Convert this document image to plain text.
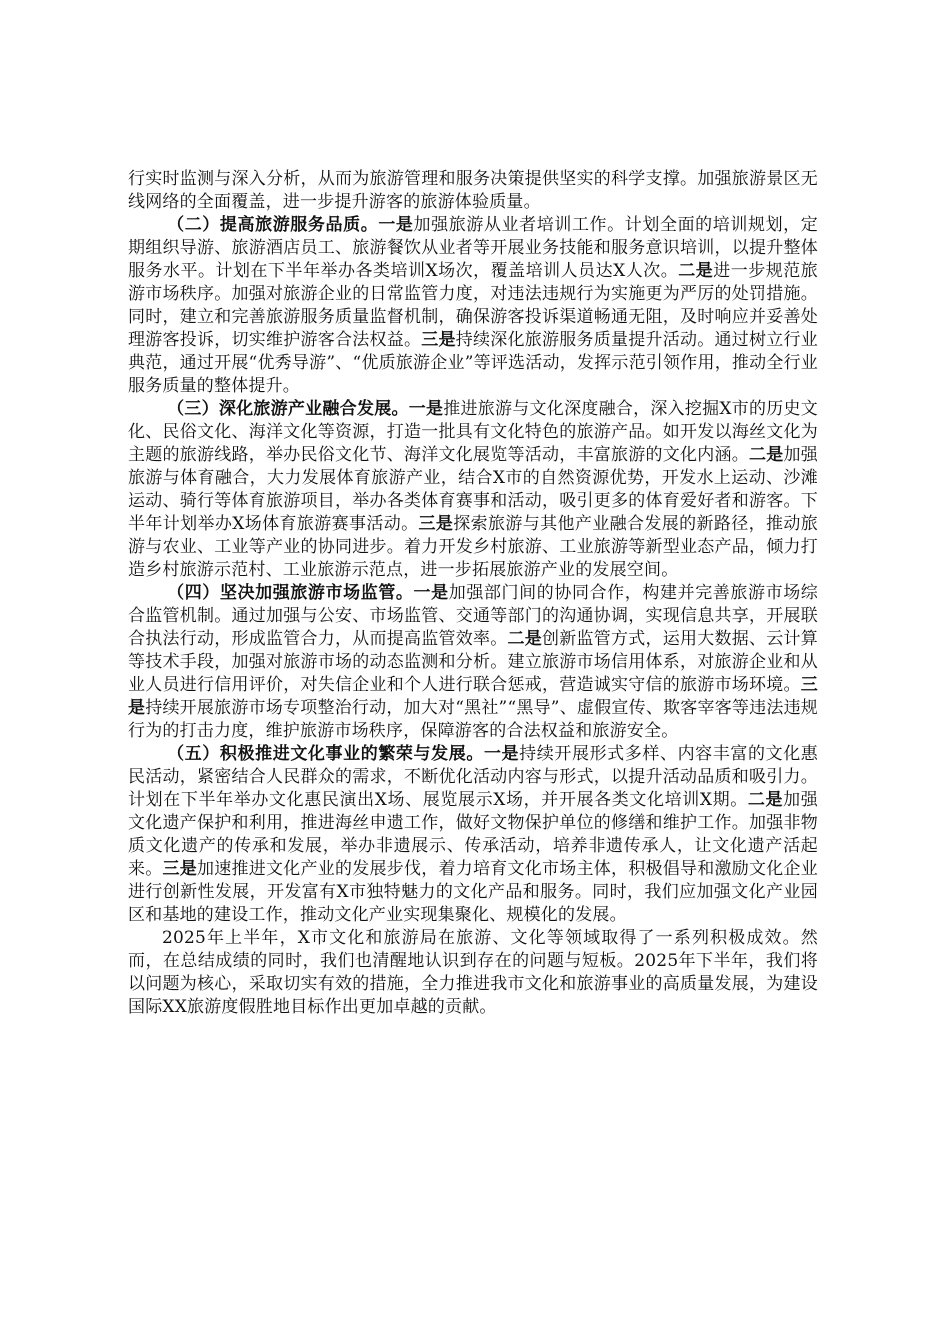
行实时监测与深入分析，从而为旅游管理和服务决策提供坚实的科学支撑。加强旅游景区无线网络的全面覆盖，进一步提升游客的旅游体验质量。

（二）提高旅游服务品质。一是加强旅游从业者培训工作。计划全面的培训规划，定期组织导游、旅游酒店员工、旅游餐饮从业者等开展业务技能和服务意识培训，以提升整体服务水平。计划在下半年举办各类培训X场次，覆盖培训人员达X人次。二是进一步规范旅游市场秩序。加强对旅游企业的日常监管力度，对违法违规行为实施更为严厉的处罚措施。同时，建立和完善旅游服务质量监督机制，确保游客投诉渠道畅通无阻，及时响应并妥善处理游客投诉，切实维护游客合法权益。三是持续深化旅游服务质量提升活动。通过树立行业典范，通过开展“优秀导游”、“优质旅游企业”等评选活动，发挥示范引领作用，推动全行业服务质量的整体提升。

（三）深化旅游产业融合发展。一是推进旅游与文化深度融合，深入挖掘X市的历史文化、民俗文化、海洋文化等资源，打造一批具有文化特色的旅游产品。如开发以海丝文化为主题的旅游线路，举办民俗文化节、海洋文化展览等活动，丰富旅游的文化内涵。二是加强旅游与体育融合，大力发展体育旅游产业，结合X市的自然资源优势，开发水上运动、沙滩运动、骑行等体育旅游项目，举办各类体育赛事和活动，吸引更多的体育爱好者和游客。下半年计划举办X场体育旅游赛事活动。三是探索旅游与其他产业融合发展的新路径，推动旅游与农业、工业等产业的协同进步。着力开发乡村旅游、工业旅游等新型业态产品，倾力打造乡村旅游示范村、工业旅游示范点，进一步拓展旅游产业的发展空间。

（四）坚决加强旅游市场监管。一是加强部门间的协同合作，构建并完善旅游市场综合监管机制。通过加强与公安、市场监管、交通等部门的沟通协调，实现信息共享，开展联合执法行动，形成监管合力，从而提高监管效率。二是创新监管方式，运用大数据、云计算等技术手段，加强对旅游市场的动态监测和分析。建立旅游市场信用体系，对旅游企业和从业人员进行信用评价，对失信企业和个人进行联合惩戒，营造诚实守信的旅游市场环境。三是持续开展旅游市场专项整治行动，加大对“黑社”“黑导”、虚假宣传、欺客宰客等违法违规行为的打击力度，维护旅游市场秩序，保障游客的合法权益和旅游安全。

（五）积极推进文化事业的繁荣与发展。一是持续开展形式多样、内容丰富的文化惠民活动，紧密结合人民群众的需求，不断优化活动内容与形式，以提升活动品质和吸引力。计划在下半年举办文化惠民演出X场、展览展示X场，并开展各类文化培训X期。二是加强文化遗产保护和利用，推进海丝申遗工作，做好文物保护单位的修缮和维护工作。加强非物质文化遗产的传承和发展，举办非遗展示、传承活动，培养非遗传承人，让文化遗产活起来。三是加速推进文化产业的发展步伐，着力培育文化市场主体，积极倡导和激励文化企业进行创新性发展，开发富有X市独特魅力的文化产品和服务。同时，我们应加强文化产业园区和基地的建设工作，推动文化产业实现集聚化、规模化的发展。

2025年上半年，X市文化和旅游局在旅游、文化等领域取得了一系列积极成效。然而，在总结成绩的同时，我们也清醒地认识到存在的问题与短板。2025年下半年，我们将以问题为核心，采取切实有效的措施，全力推进我市文化和旅游事业的高质量发展，为建设国际XX旅游度假胜地目标作出更加卓越的贡献。
